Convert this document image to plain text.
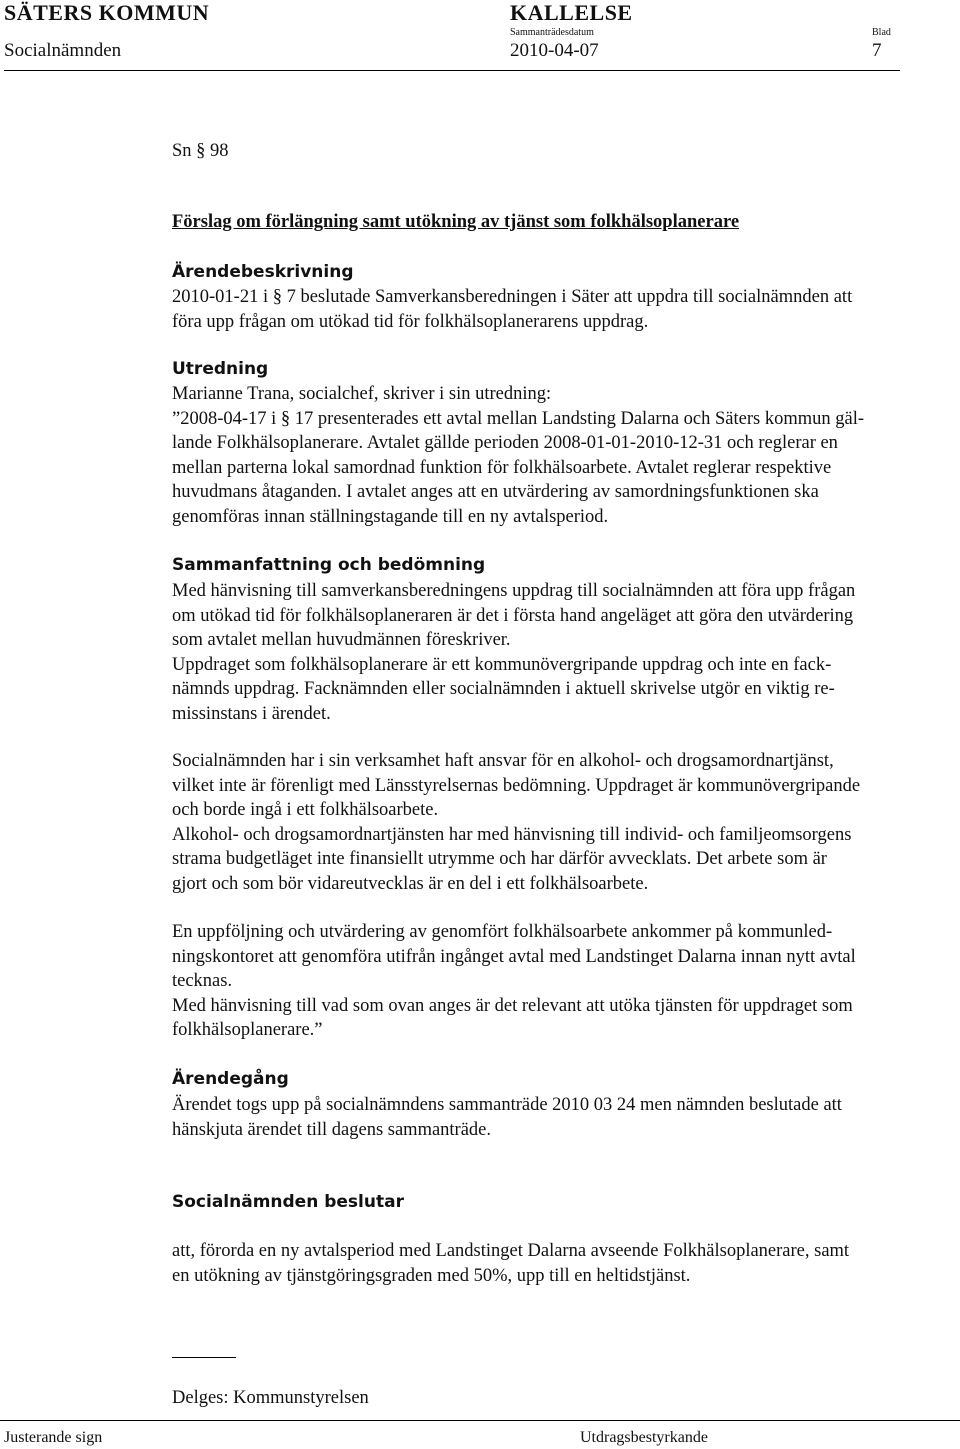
SÄTERS KOMMUN	KALLELSE
Socialnämnden
Sammanträdesdatum
2010-04-07
Blad
7
Sn § 98
Förslag om förlängning samt utökning av tjänst som folkhälsoplanerare
Ärendebeskrivning
2010-01-21 i § 7 beslutade Samverkansberedningen i Säter att uppdra till socialnämnden att
föra upp frågan om utökad tid för folkhälsoplanerarens uppdrag.
Utredning
Marianne Trana, socialchef, skriver i sin utredning:
”2008-04-17 i § 17 presenterades ett avtal mellan Landsting Dalarna och Säters kommun gäl-
lande Folkhälsoplanerare. Avtalet gällde perioden 2008-01-01-2010-12-31 och reglerar en
mellan parterna lokal samordnad funktion för folkhälsoarbete. Avtalet reglerar respektive
huvudmans åtaganden. I avtalet anges att en utvärdering av samordningsfunktionen ska
genomföras innan ställningstagande till en ny avtalsperiod.
Sammanfattning och bedömning
Med hänvisning till samverkansberedningens uppdrag till socialnämnden att föra upp frågan
om utökad tid för folkhälsoplaneraren är det i första hand angeläget att göra den utvärdering
som avtalet mellan huvudmännen föreskriver.
Uppdraget som folkhälsoplanerare är ett kommunövergripande uppdrag och inte en fack-
nämnds uppdrag. Facknämnden eller socialnämnden i aktuell skrivelse utgör en viktig re-
missinstans i ärendet.
Socialnämnden har i sin verksamhet haft ansvar för en alkohol- och drogsamordnartjänst,
vilket inte är förenligt med Länsstyrelsernas bedömning. Uppdraget är kommunövergripande
och borde ingå i ett folkhälsoarbete.
Alkohol- och drogsamordnartjänsten har med hänvisning till individ- och familjeomsorgens
strama budgetläget inte finansiellt utrymme och har därför avvecklats. Det arbete som är
gjort och som bör vidareutvecklas är en del i ett folkhälsoarbete.
En uppföljning och utvärdering av genomfört folkhälsoarbete ankommer på kommunled-
ningskontoret att genomföra utifrån ingånget avtal med Landstinget Dalarna innan nytt avtal
tecknas.
Med hänvisning till vad som ovan anges är det relevant att utöka tjänsten för uppdraget som
folkhälsoplanerare.”
Ärendegång
Ärendet togs upp på socialnämndens sammanträde 2010 03 24 men nämnden beslutade att
hänskjuta ärendet till dagens sammanträde.
Socialnämnden beslutar
att, förorda en ny avtalsperiod med Landstinget Dalarna avseende Folkhälsoplanerare, samt
en utökning av tjänstgöringsgraden med 50%, upp till en heltidstjänst.
Delges: Kommunstyrelsen
Justerande sign	Utdragsbestyrkande
